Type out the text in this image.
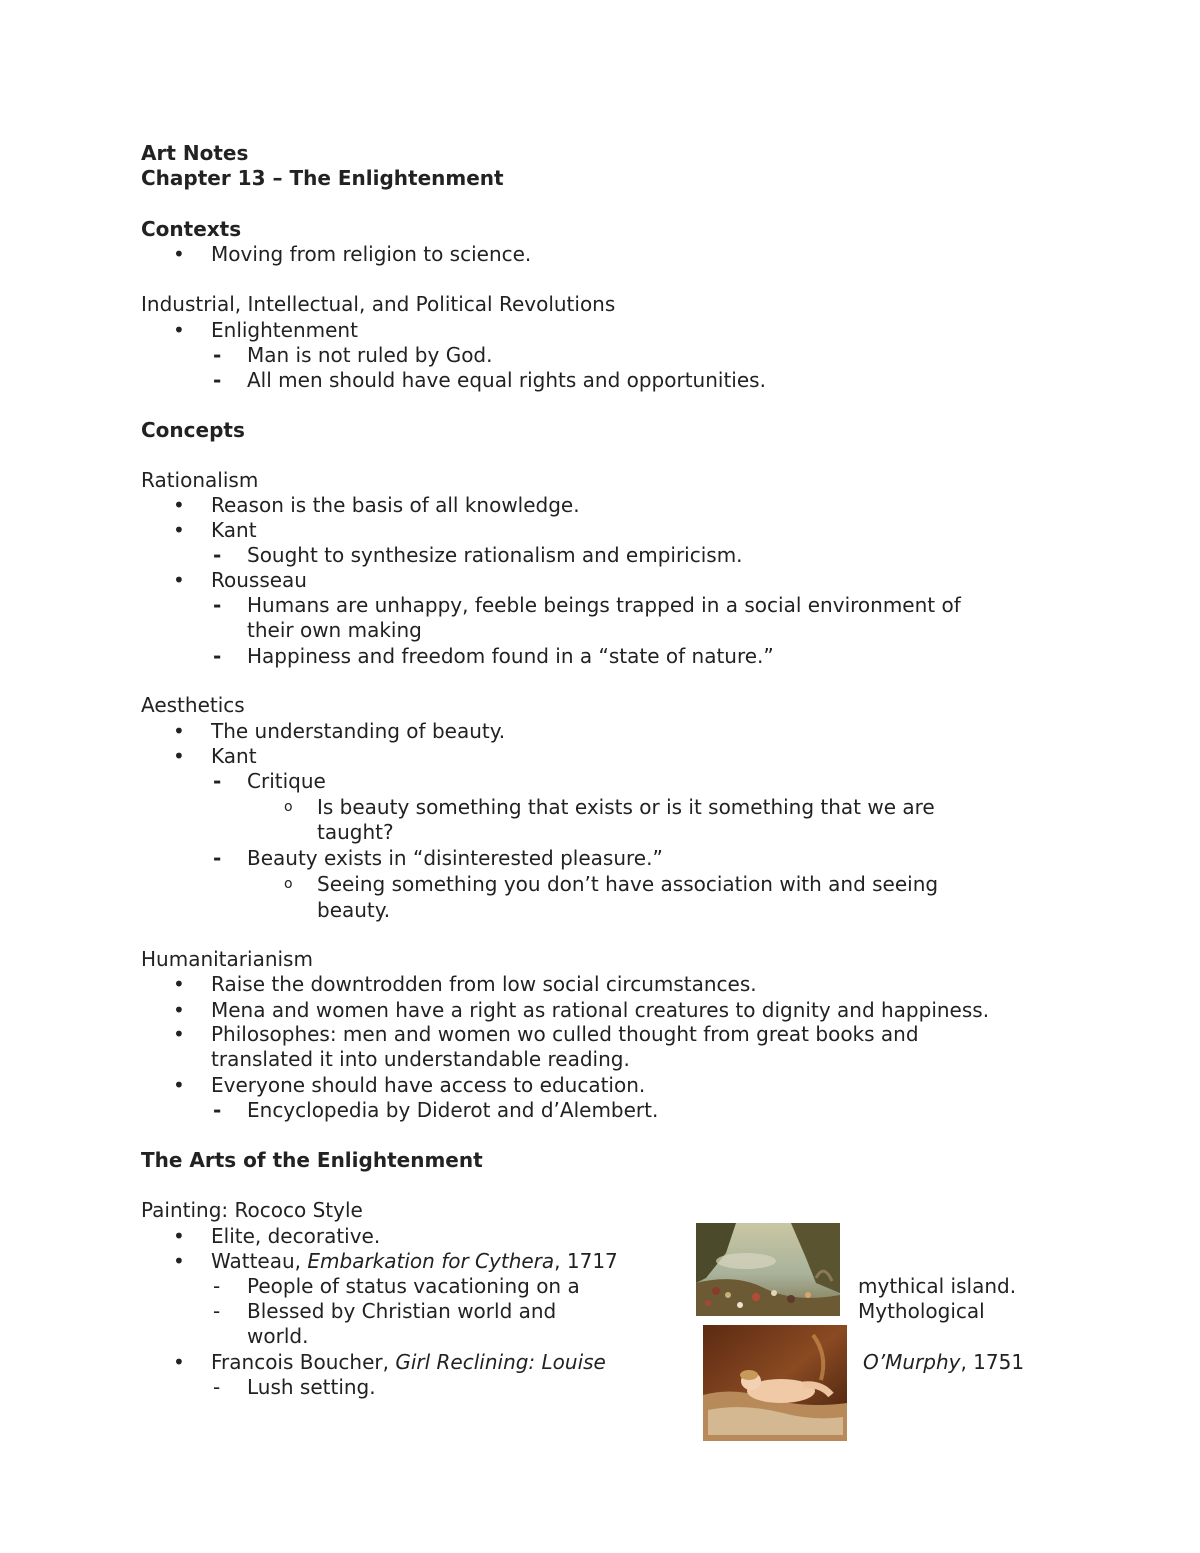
Art Notes
Chapter 13 – The Enlightenment
Contexts
• Moving from religion to science.
Industrial, Intellectual, and Political Revolutions
• Enlightenment
- Man is not ruled by God.
- All men should have equal rights and opportunities.
Concepts
Rationalism
• Reason is the basis of all knowledge.
• Kant
- Sought to synthesize rationalism and empiricism.
• Rousseau
- Humans are unhappy, feeble beings trapped in a social environment of
their own making
- Happiness and freedom found in a “state of nature.”
Aesthetics
• The understanding of beauty.
• Kant
- Critique
o Is beauty something that exists or is it something that we are
taught?
- Beauty exists in “disinterested pleasure.”
o Seeing something you don’t have association with and seeing
beauty.
Humanitarianism
• Raise the downtrodden from low social circumstances.
• Mena and women have a right as rational creatures to dignity and happiness.
• Philosophes: men and women wo culled thought from great books and
translated it into understandable reading.
• Everyone should have access to education.
- Encyclopedia by Diderot and d’Alembert.
The Arts of the Enlightenment
Painting: Rococo Style
• Elite, decorative.
• Watteau, Embarkation for Cythera, 1717
- People of status vacationing on a	mythical island.
- Blessed by Christian world and	Mythological
world.
• Francois Boucher, Girl Reclining: Louise	O’Murphy, 1751
- Lush setting.
